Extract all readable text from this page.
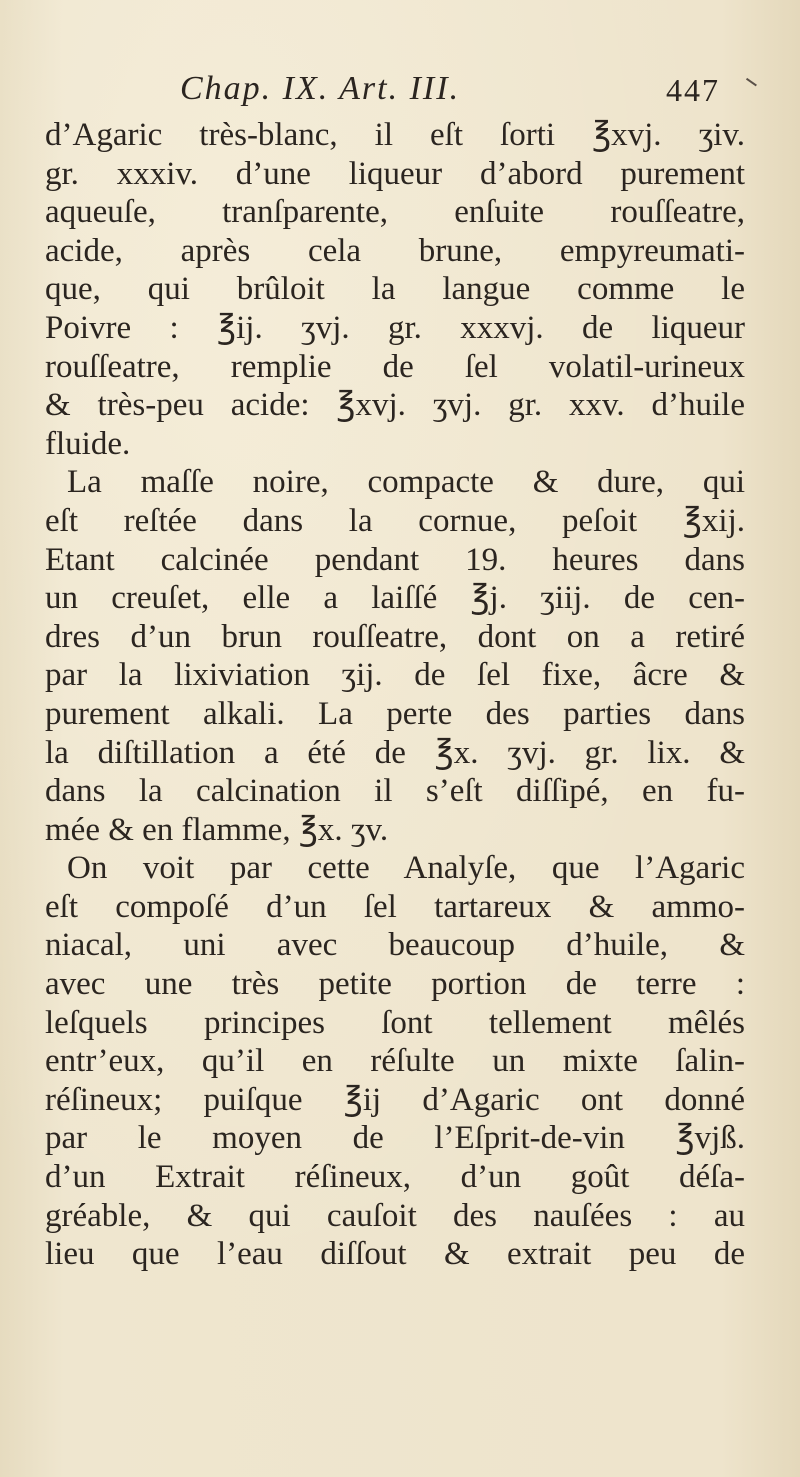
Chap. IX. Art. III.	447
d’Agaric très-blanc, il eſt ſorti ℥xvj. ʒiv.
gr. xxxiv. d’une liqueur d’abord purement
aqueuſe, tranſparente, enſuite rouſſeatre,
acide, après cela brune, empyreumati-
que, qui brûloit la langue comme le
Poivre : ℥ij. ʒvj. gr. xxxvj. de liqueur
rouſſeatre, remplie de ſel volatil-urineux
& très-peu acide: ℥xvj. ʒvj. gr. xxv. d’huile
fluide.
La maſſe noire, compacte & dure, qui
eſt reſtée dans la cornue, peſoit ℥xij.
Etant calcinée pendant 19. heures dans
un creuſet, elle a laiſſé ℥j. ʒiij. de cen-
dres d’un brun rouſſeatre, dont on a retiré
par la lixiviation ʒij. de ſel fixe, âcre &
purement alkali. La perte des parties dans
la diſtillation a été de ℥x. ʒvj. gr. lix. &
dans la calcination il s’eſt diſſipé, en fu-
mée & en flamme, ℥x. ʒv.
On voit par cette Analyſe, que l’Agaric
eſt compoſé d’un ſel tartareux & ammo-
niacal, uni avec beaucoup d’huile, &
avec une très petite portion de terre :
leſquels principes ſont tellement mêlés
entr’eux, qu’il en réſulte un mixte ſalin-
réſineux; puiſque ℥ij d’Agaric ont donné
par le moyen de l’Eſprit-de-vin ℥vjß.
d’un Extrait réſineux, d’un goût déſa-
gréable, & qui cauſoit des nauſées : au
lieu que l’eau diſſout & extrait peu de
